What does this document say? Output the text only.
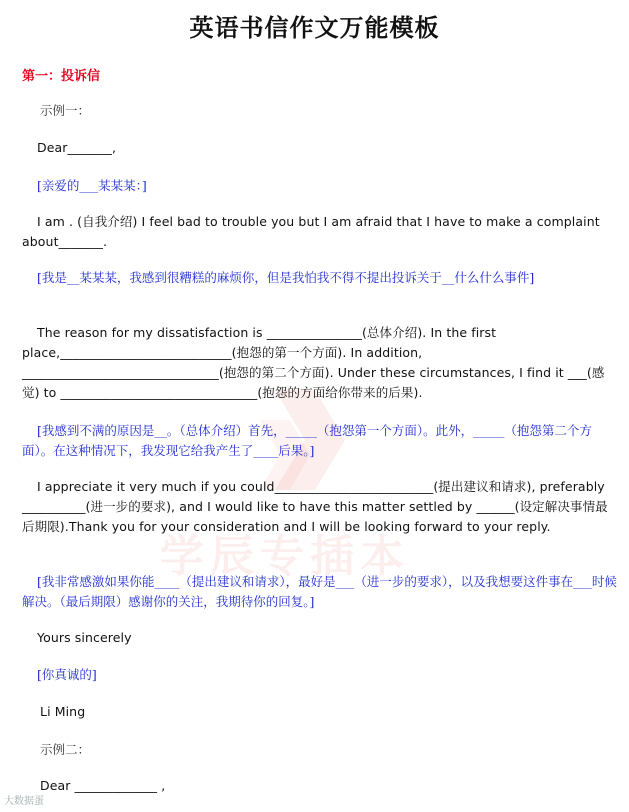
英语书信作文万能模板
第一：投诉信
学辰专插本
示例一：
Dear_______,
[亲爱的___某某某：]
I am . (自我介绍) I feel bad to trouble you but I am afraid that I have to make a complaint about_______.
[我是__某某某，我感到很糟糕的麻烦你，但是我怕我不得不提出投诉关于__什么什么事件]
The reason for my dissatisfaction is _______________(总体介绍). In the first place,___________________________(抱怨的第一个方面). In addition, _______________________________(抱怨的第二个方面). Under these circumstances, I find it ___(感觉) to _______________________________(抱怨的方面给你带来的后果).
[我感到不满的原因是__。（总体介绍）首先，_____（抱怨第一个方面）。此外，_____（抱怨第二个方面）。在这种情况下，我发现它给我产生了____后果。]
I appreciate it very much if you could_________________________(提出建议和请求), preferably __________(进一步的要求), and I would like to have this matter settled by ______(设定解决事情最后期限).Thank you for your consideration and I will be looking forward to your reply.
[我非常感激如果你能____（提出建议和请求），最好是___（进一步的要求），以及我想要这件事在___时候解决。（最后期限）感谢你的关注，我期待你的回复。]
Yours sincerely
[你真诚的]
Li Ming
示例二：
Dear _____________ ,
大数据蛋
